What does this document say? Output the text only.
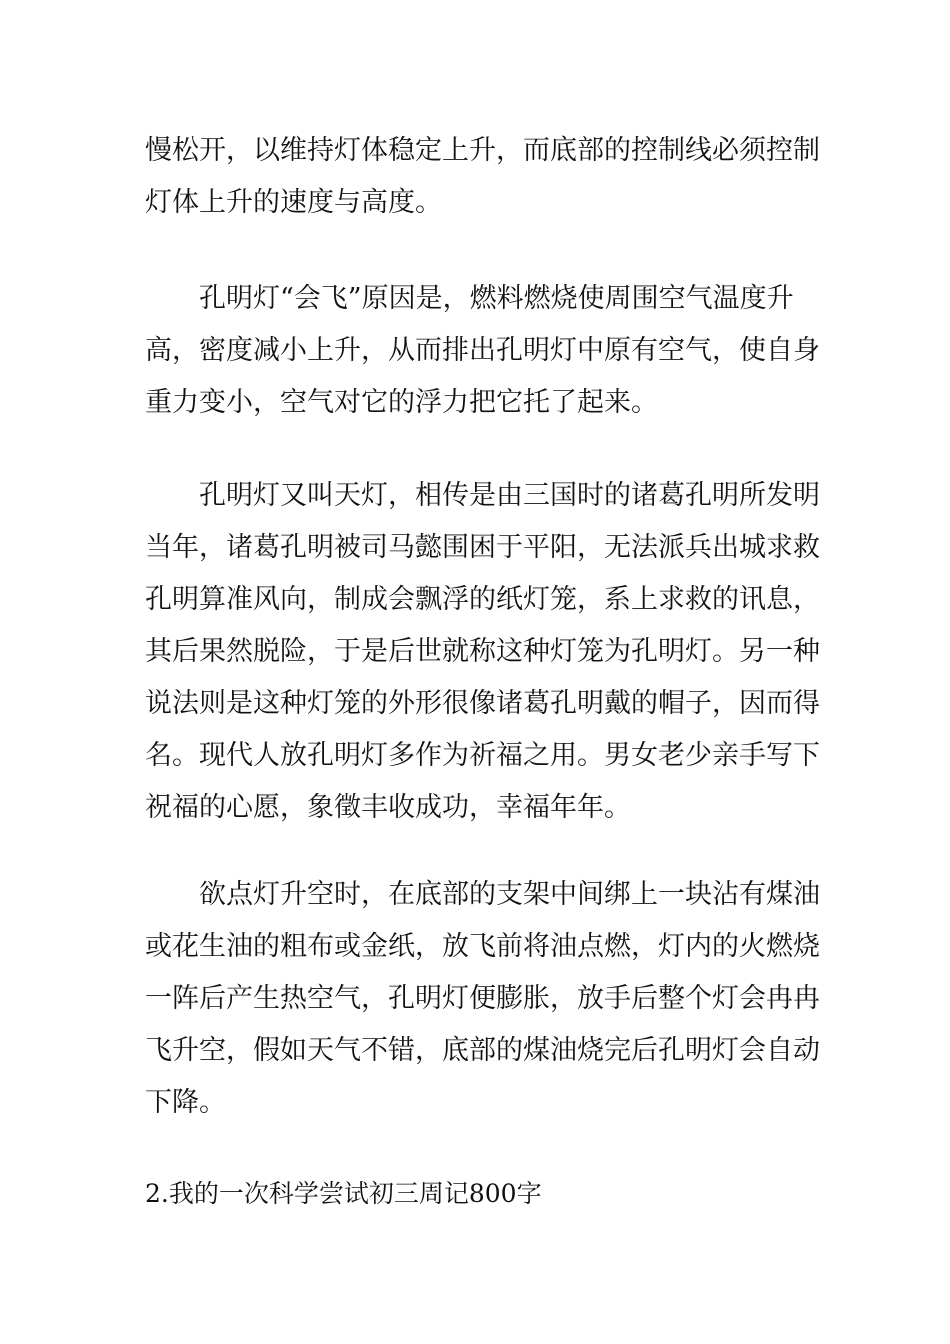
慢松开，以维持灯体稳定上升，而底部的控制线必须控制
灯体上升的速度与高度。

　　孔明灯“会飞”原因是，燃料燃烧使周围空气温度升
高，密度减小上升，从而排出孔明灯中原有空气，使自身
重力变小，空气对它的浮力把它托了起来。

　　孔明灯又叫天灯，相传是由三国时的诸葛孔明所发明
当年，诸葛孔明被司马懿围困于平阳，无法派兵出城求救
孔明算准风向，制成会飘浮的纸灯笼，系上求救的讯息，
其后果然脱险，于是后世就称这种灯笼为孔明灯。另一种
说法则是这种灯笼的外形很像诸葛孔明戴的帽子，因而得
名。现代人放孔明灯多作为祈福之用。男女老少亲手写下
祝福的心愿，象徵丰收成功，幸福年年。

　　欲点灯升空时，在底部的支架中间绑上一块沾有煤油
或花生油的粗布或金纸，放飞前将油点燃，灯内的火燃烧
一阵后产生热空气，孔明灯便膨胀，放手后整个灯会冉冉
飞升空，假如天气不错，底部的煤油烧完后孔明灯会自动
下降。

2.我的一次科学尝试初三周记800字
